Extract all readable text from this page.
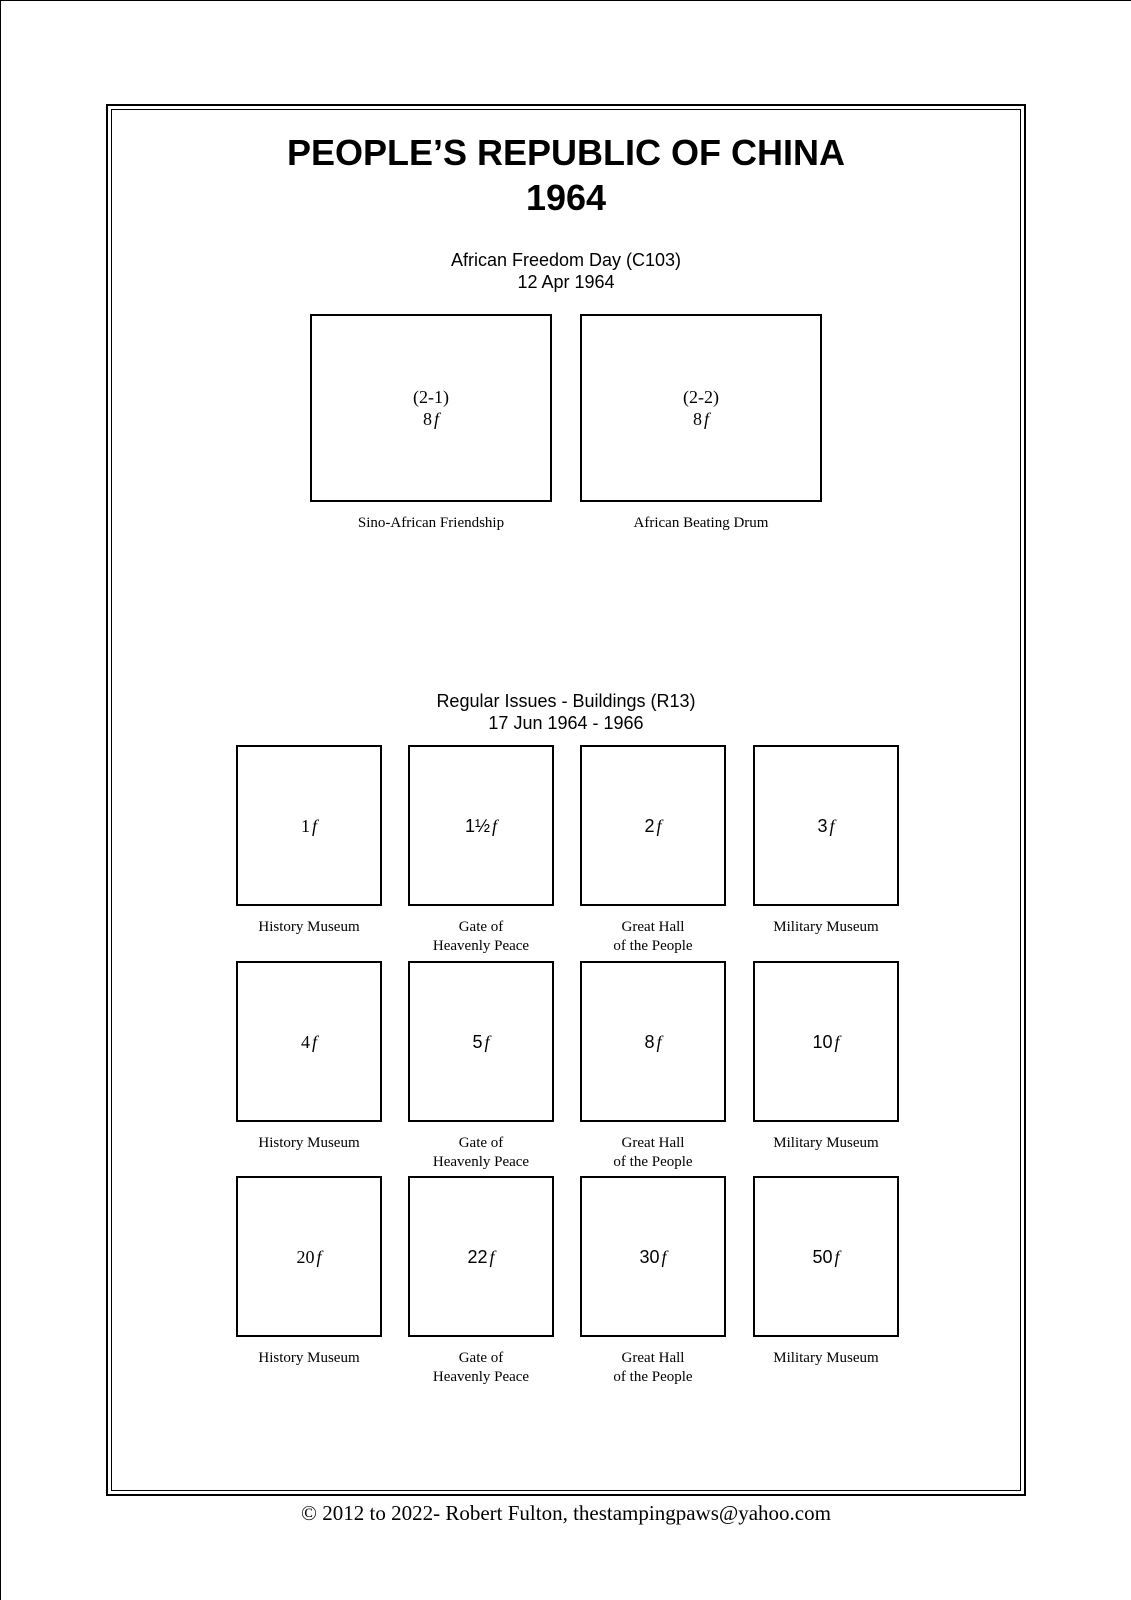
PEOPLE’S REPUBLIC OF CHINA
1964
African Freedom Day (C103)
12 Apr 1964
(2-1)
8 f
Sino-African Friendship
(2-2)
8 f
African Beating Drum
Regular Issues - Buildings (R13)
17 Jun 1964 - 1966
1 f
History Museum
1½ f
Gate of
Heavenly Peace
2 f
Great Hall
of the People
3 f
Military Museum
4 f
History Museum
5 f
Gate of
Heavenly Peace
8 f
Great Hall
of the People
10 f
Military Museum
20 f
History Museum
22 f
Gate of
Heavenly Peace
30 f
Great Hall
of the People
50 f
Military Museum
© 2012 to 2022- Robert Fulton, thestampingpaws@yahoo.com
